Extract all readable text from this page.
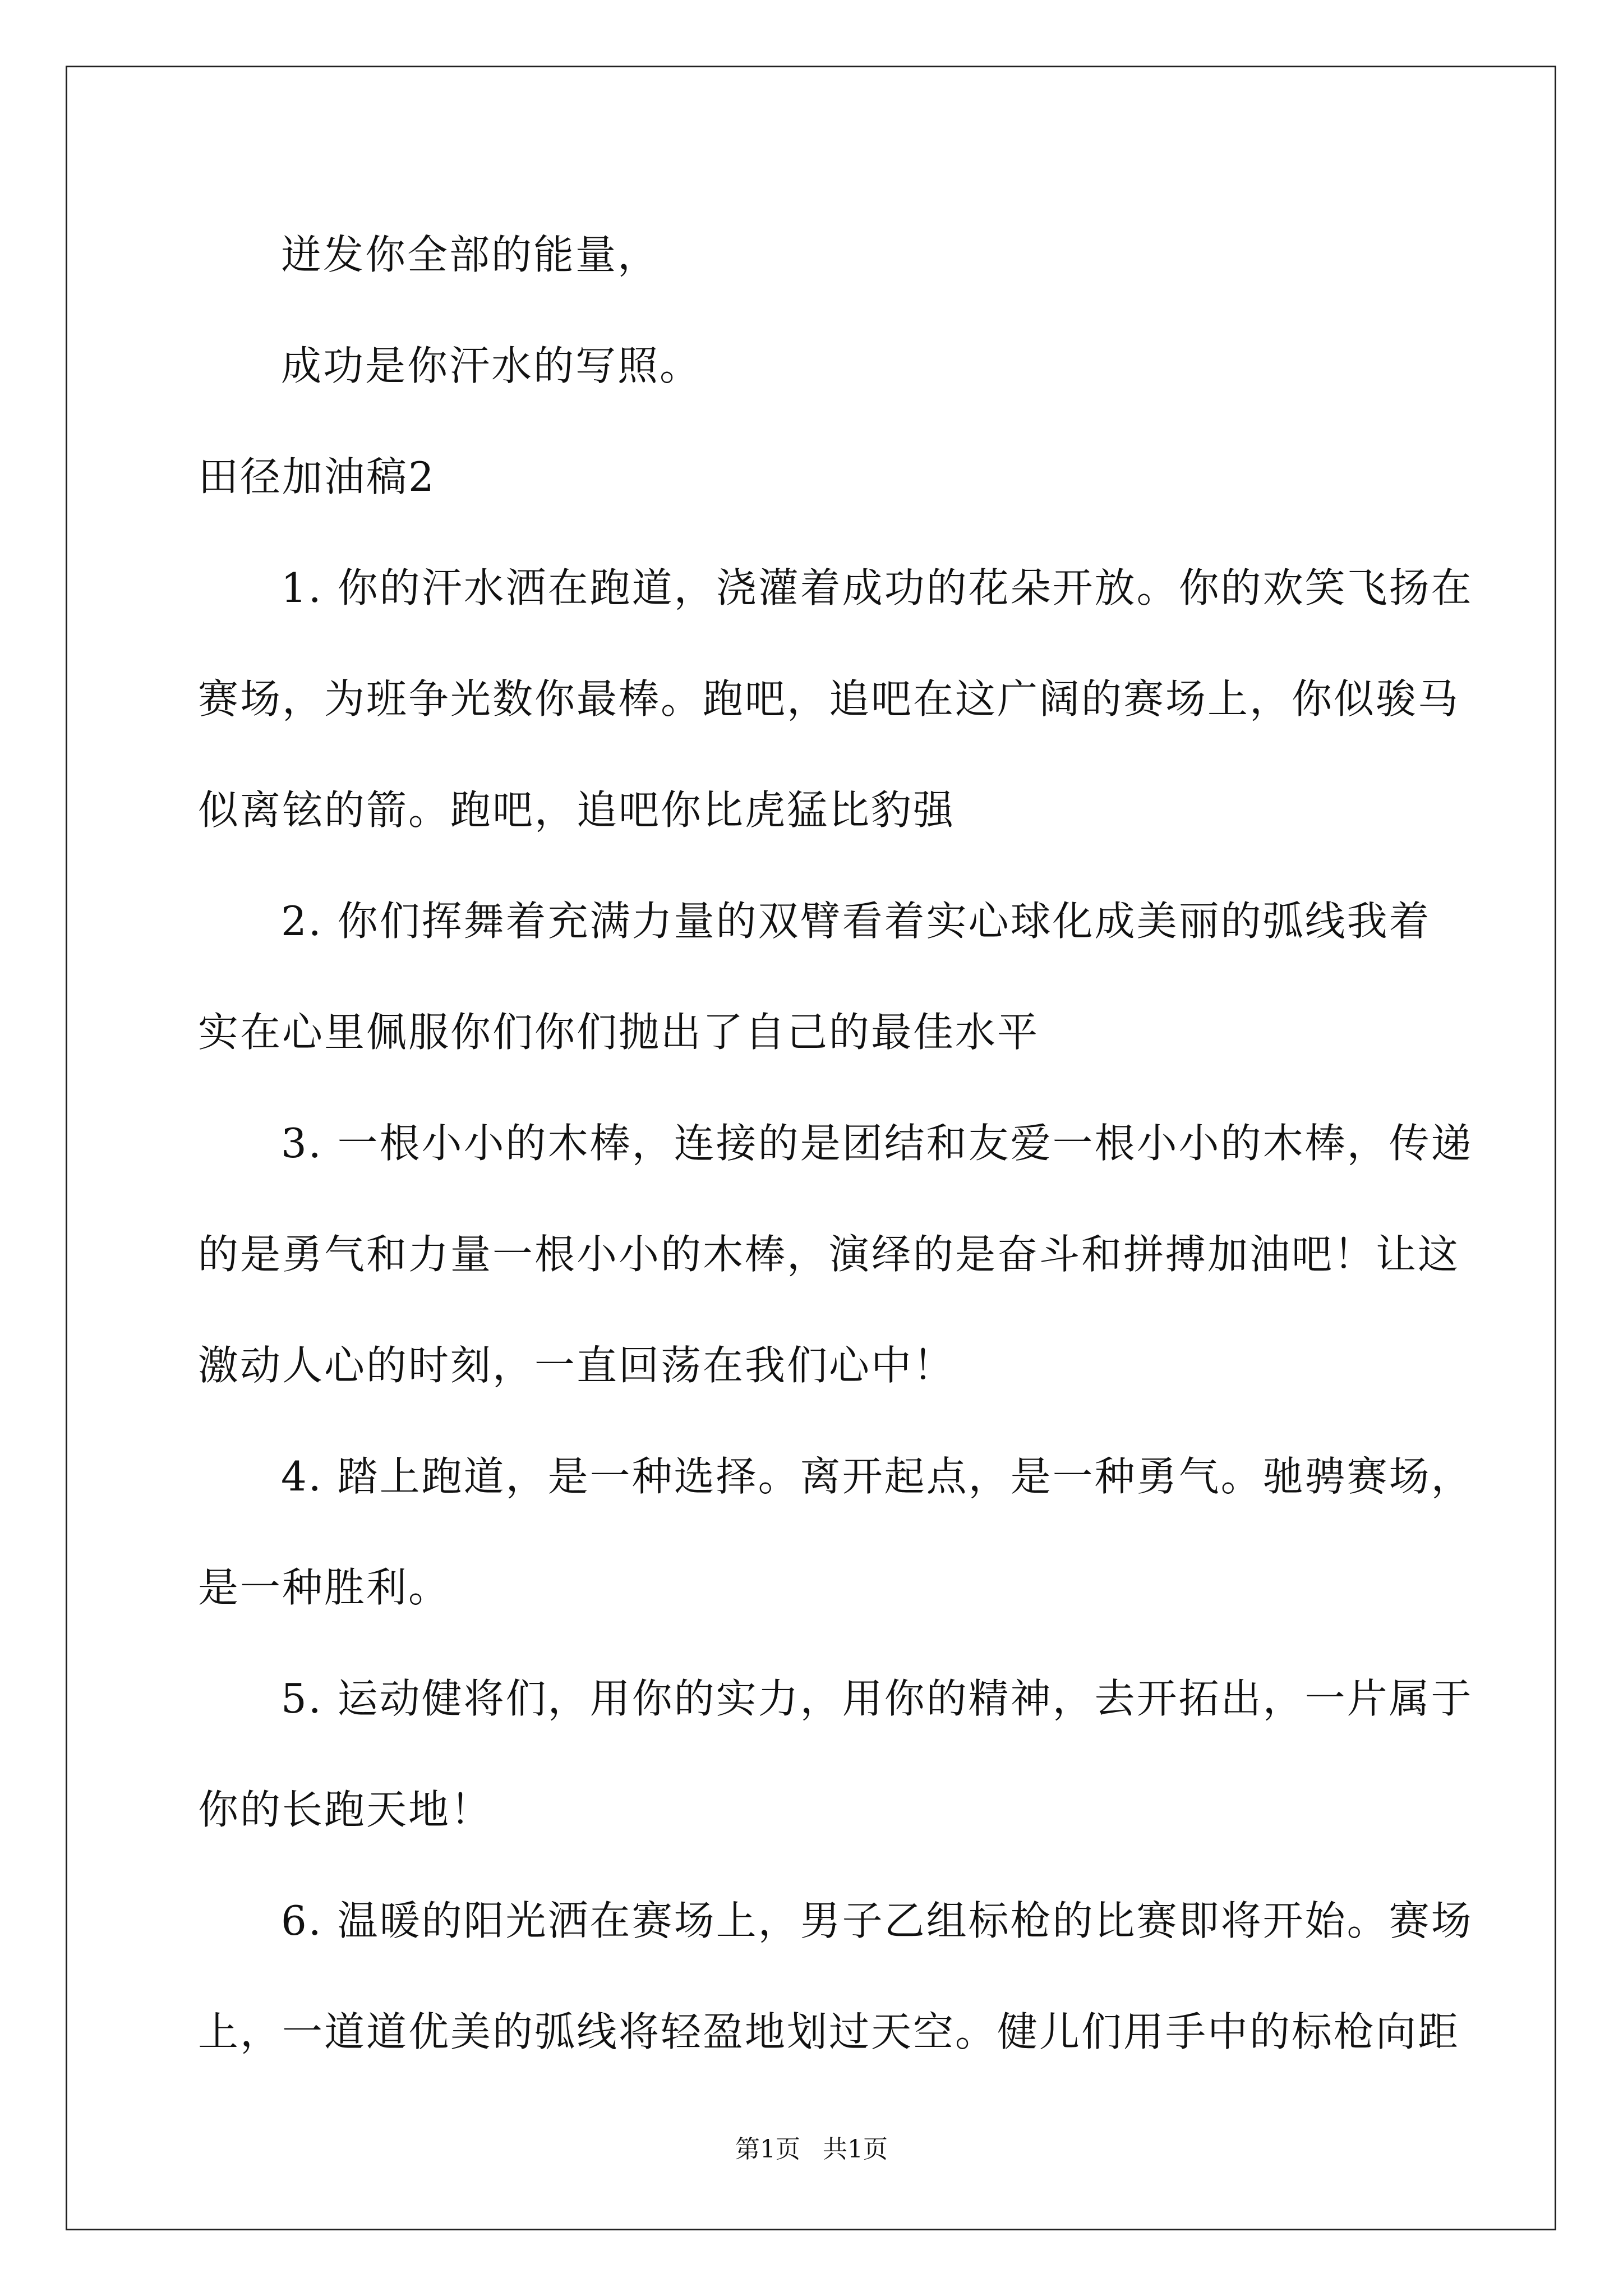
迸发你全部的能量，

成功是你汗水的写照。

田径加油稿2

1. 你的汗水洒在跑道，浇灌着成功的花朵开放。你的欢笑飞扬在
赛场，为班争光数你最棒。跑吧，追吧在这广阔的赛场上，你似骏马
似离铉的箭。跑吧，追吧你比虎猛比豹强
2. 你们挥舞着充满力量的双臂看着实心球化成美丽的弧线我着
实在心里佩服你们你们抛出了自己的最佳水平
3. 一根小小的木棒，连接的是团结和友爱一根小小的木棒，传递
的是勇气和力量一根小小的木棒，演绎的是奋斗和拼搏加油吧！让这
激动人心的时刻，一直回荡在我们心中！
4. 踏上跑道，是一种选择。离开起点，是一种勇气。驰骋赛场，
是一种胜利。
5. 运动健将们，用你的实力，用你的精神，去开拓出，一片属于
你的长跑天地！
6. 温暖的阳光洒在赛场上，男子乙组标枪的比赛即将开始。赛场
上，一道道优美的弧线将轻盈地划过天空。健儿们用手中的标枪向距
第1页 共1页
